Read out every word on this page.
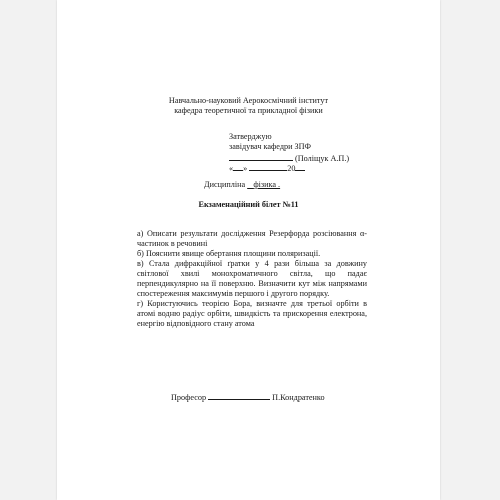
Навчально-науковий Аерокосмічний інститут
кафедра теоретичної та прикладної фізики
Затверджую
завідувач кафедри ЗПФ
(Поліщук А.П.)
« »	20
Дисципліна фізика .
Екзаменаційний білет №11
а) Описати результати дослідження Резерфорда розсіювання α-
частинок в речовині
б) Пояснити явище обертання площини поляризації.
в) Стала дифракційної ґратки у 4 рази більша за довжину
світлової хвилі монохроматичного світла, що падає
перпендикулярно на її поверхню. Визначити кут між напрямами
спостереження максимумів першого і другого порядку.
г) Користуючись теорією Бора, визначте для третьої орбіти в
атомі водню радіус орбіти, швидкість та прискорення електрона,
енергію відповідного стану атома
Професор	П.Кондратенко
